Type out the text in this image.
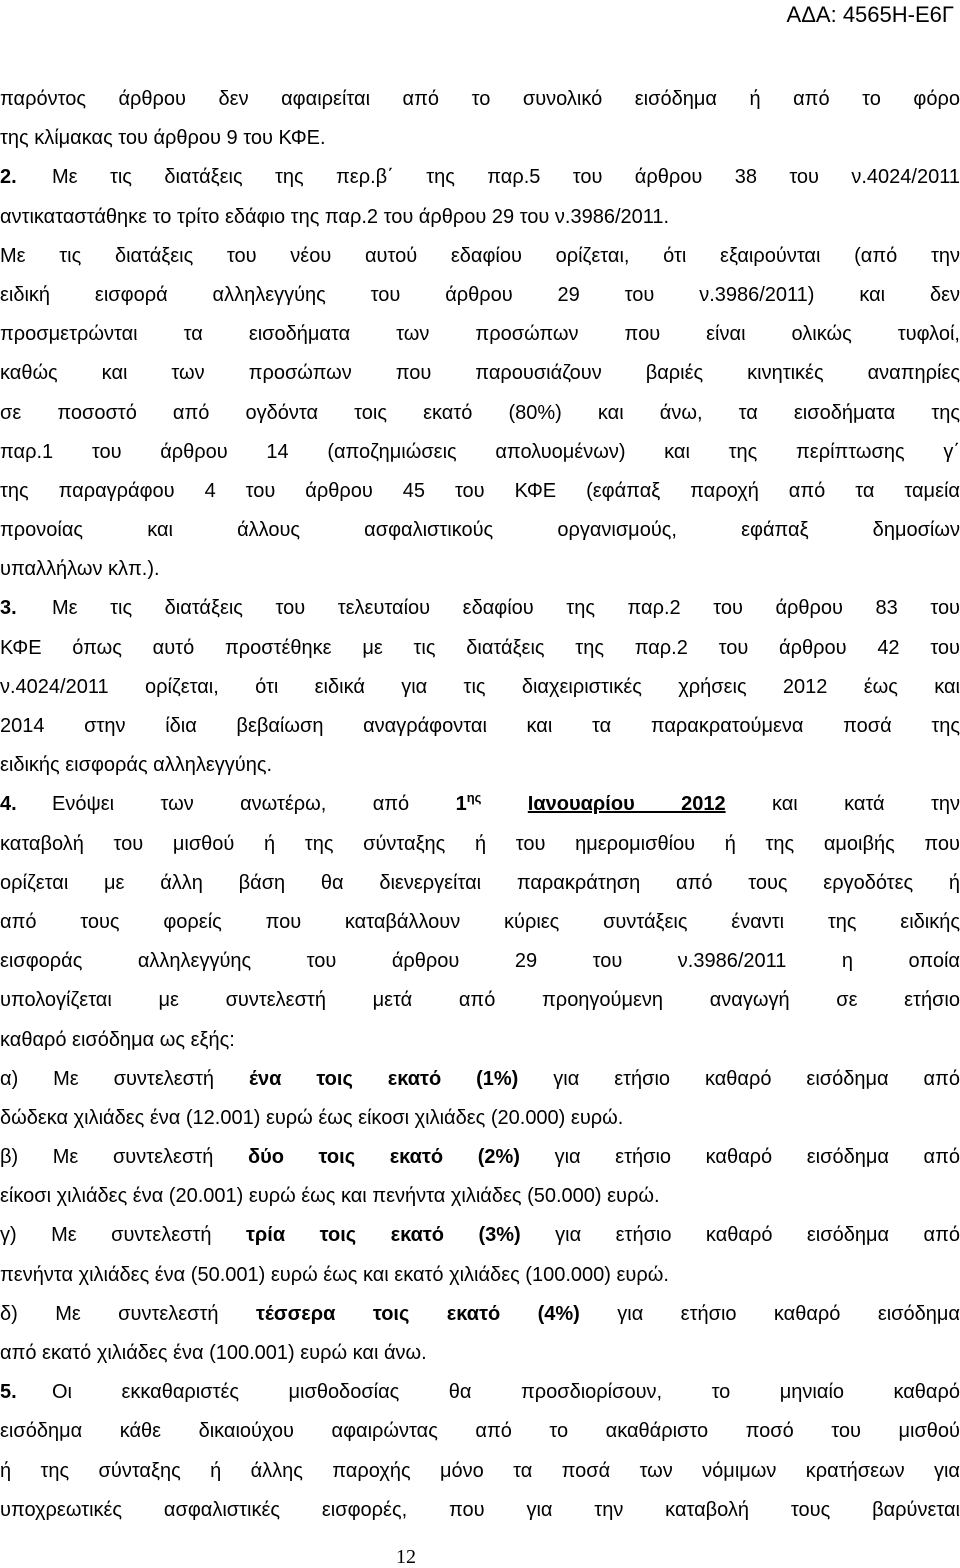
ΑΔΑ: 4565Η-Ε6Γ
παρόντος άρθρου δεν αφαιρείται από το συνολικό εισόδημα ή από το φόρο
της κλίμακας του άρθρου 9 του ΚΦΕ.
2. Με τις διατάξεις της περ.β΄ της παρ.5 του άρθρου 38 του ν.4024/2011
αντικαταστάθηκε το τρίτο εδάφιο της παρ.2 του άρθρου 29 του ν.3986/2011.
Με τις διατάξεις του νέου αυτού εδαφίου ορίζεται, ότι εξαιρούνται (από την
ειδική εισφορά αλληλεγγύης του άρθρου 29 του ν.3986/2011) και δεν
προσμετρώνται τα εισοδήματα των προσώπων που είναι ολικώς τυφλοί,
καθώς και των προσώπων που παρουσιάζουν βαριές κινητικές αναπηρίες
σε ποσοστό από ογδόντα τοις εκατό (80%) και άνω, τα εισοδήματα της
παρ.1 του άρθρου 14 (αποζημιώσεις απολυομένων) και της περίπτωσης γ΄
της παραγράφου 4 του άρθρου 45 του ΚΦΕ (εφάπαξ παροχή από τα ταμεία
προνοίας και άλλους ασφαλιστικούς οργανισμούς, εφάπαξ δημοσίων
υπαλλήλων κλπ.).
3. Με τις διατάξεις του τελευταίου εδαφίου της παρ.2 του άρθρου 83 του
ΚΦΕ όπως αυτό προστέθηκε με τις διατάξεις της παρ.2 του άρθρου 42 του
ν.4024/2011 ορίζεται, ότι ειδικά για τις διαχειριστικές χρήσεις 2012 έως και
2014 στην ίδια βεβαίωση αναγράφονται και τα παρακρατούμενα ποσά της
ειδικής εισφοράς αλληλεγγύης.
4. Ενόψει των ανωτέρω, από $1^{\eta\varsigma}$ Ιανουαρίου 2012 και κατά την
καταβολή του μισθού ή της σύνταξης ή του ημερομισθίου ή της αμοιβής που
ορίζεται με άλλη βάση θα διενεργείται παρακράτηση από τους εργοδότες ή
από τους φορείς που καταβάλλουν κύριες συντάξεις έναντι της ειδικής
εισφοράς αλληλεγγύης του άρθρου 29 του ν.3986/2011 η οποία
υπολογίζεται με συντελεστή μετά από προηγούμενη αναγωγή σε ετήσιο
καθαρό εισόδημα ως εξής:
α) Με συντελεστή ένα τοις εκατό (1%) για ετήσιο καθαρό εισόδημα από
δώδεκα χιλιάδες ένα (12.001) ευρώ έως είκοσι χιλιάδες (20.000) ευρώ.
β) Με συντελεστή δύο τοις εκατό (2%) για ετήσιο καθαρό εισόδημα από
είκοσι χιλιάδες ένα (20.001) ευρώ έως και πενήντα χιλιάδες (50.000) ευρώ.
γ) Με συντελεστή τρία τοις εκατό (3%) για ετήσιο καθαρό εισόδημα από
πενήντα χιλιάδες ένα (50.001) ευρώ έως και εκατό χιλιάδες (100.000) ευρώ.
δ) Με συντελεστή τέσσερα τοις εκατό (4%) για ετήσιο καθαρό εισόδημα
από εκατό χιλιάδες ένα (100.001) ευρώ και άνω.
5. Οι εκκαθαριστές μισθοδοσίας θα προσδιορίσουν, το μηνιαίο καθαρό
εισόδημα κάθε δικαιούχου αφαιρώντας από το ακαθάριστο ποσό του μισθού
ή της σύνταξης ή άλλης παροχής μόνο τα ποσά των νόμιμων κρατήσεων για
υποχρεωτικές ασφαλιστικές εισφορές, που για την καταβολή τους βαρύνεται
12
